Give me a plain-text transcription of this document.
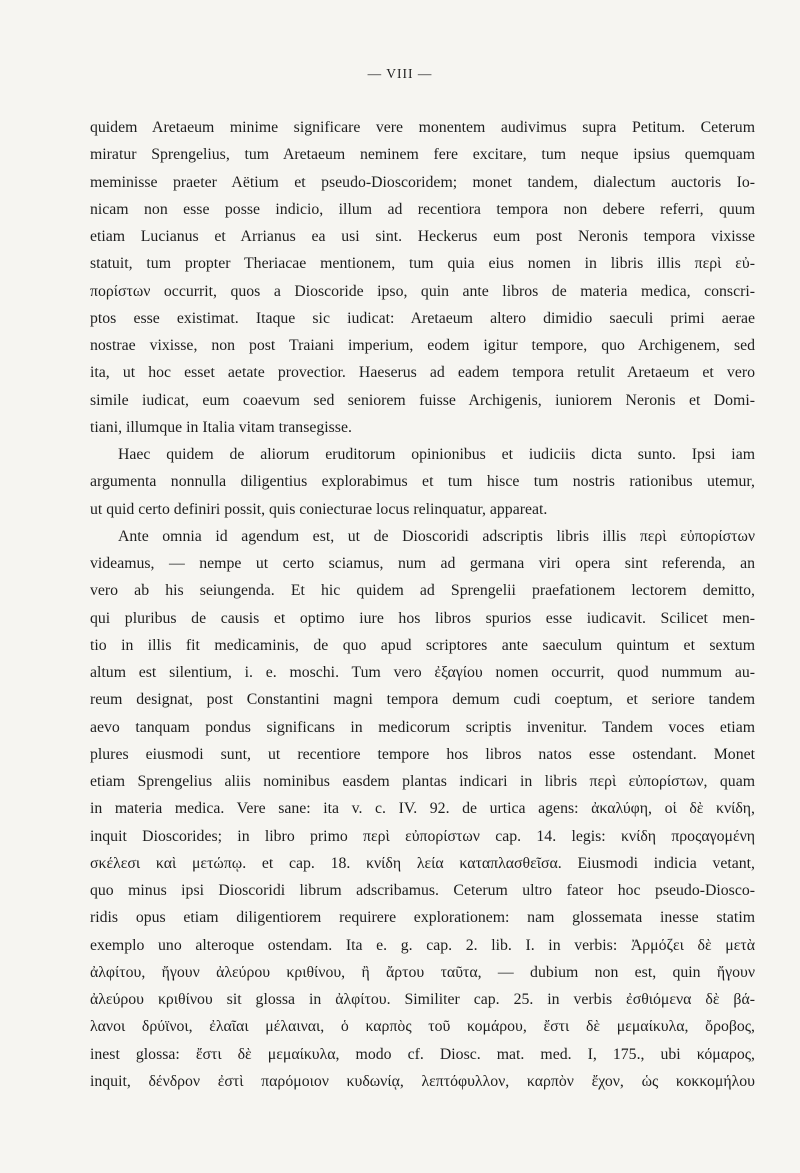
— VIII —
quidem Aretaeum minime significare vere monentem audivimus supra Petitum. Ceterum
miratur Sprengelius, tum Aretaeum neminem fere excitare, tum neque ipsius quemquam
meminisse praeter Aëtium et pseudo-Dioscoridem; monet tandem, dialectum auctoris Io-
nicam non esse posse indicio, illum ad recentiora tempora non debere referri, quum
etiam Lucianus et Arrianus ea usi sint. Heckerus eum post Neronis tempora vixisse
statuit, tum propter Theriacae mentionem, tum quia eius nomen in libris illis περὶ εὐ-
πορίστων occurrit, quos a Dioscoride ipso, quin ante libros de materia medica, conscri-
ptos esse existimat. Itaque sic iudicat: Aretaeum altero dimidio saeculi primi aerae
nostrae vixisse, non post Traiani imperium, eodem igitur tempore, quo Archigenem, sed
ita, ut hoc esset aetate provectior. Haeserus ad eadem tempora retulit Aretaeum et vero
simile iudicat, eum coaevum sed seniorem fuisse Archigenis, iuniorem Neronis et Domi-
tiani, illumque in Italia vitam transegisse.
Haec quidem de aliorum eruditorum opinionibus et iudiciis dicta sunto. Ipsi iam
argumenta nonnulla diligentius explorabimus et tum hisce tum nostris rationibus utemur,
ut quid certo definiri possit, quis coniecturae locus relinquatur, appareat.
Ante omnia id agendum est, ut de Dioscoridi adscriptis libris illis περὶ εὐπορίστων
videamus, — nempe ut certo sciamus, num ad germana viri opera sint referenda, an
vero ab his seiungenda. Et hic quidem ad Sprengelii praefationem lectorem demitto,
qui pluribus de causis et optimo iure hos libros spurios esse iudicavit. Scilicet men-
tio in illis fit medicaminis, de quo apud scriptores ante saeculum quintum et sextum
altum est silentium, i. e. moschi. Tum vero ἐξαγίου nomen occurrit, quod nummum au-
reum designat, post Constantini magni tempora demum cudi coeptum, et seriore tandem
aevo tanquam pondus significans in medicorum scriptis invenitur. Tandem voces etiam
plures eiusmodi sunt, ut recentiore tempore hos libros natos esse ostendant. Monet
etiam Sprengelius aliis nominibus easdem plantas indicari in libris περὶ εὐπορίστων, quam
in materia medica. Vere sane: ita v. c. IV. 92. de urtica agens: ἀκαλύφη, οἱ δὲ κνίδη,
inquit Dioscorides; in libro primo περὶ εὐπορίστων cap. 14. legis: κνίδη προςαγομένη
σκέλεσι καὶ μετώπῳ. et cap. 18. κνίδη λεία καταπλασθεῖσα. Eiusmodi indicia vetant,
quo minus ipsi Dioscoridi librum adscribamus. Ceterum ultro fateor hoc pseudo-Diosco-
ridis opus etiam diligentiorem requirere explorationem: nam glossemata inesse statim
exemplo uno alteroque ostendam. Ita e. g. cap. 2. lib. I. in verbis: Ἀρμόζει δὲ μετὰ
ἀλφίτου, ἤγουν ἀλεύρου κριθίνου, ἢ ἄρτου ταῦτα, — dubium non est, quin ἤγουν
ἀλεύρου κριθίνου sit glossa in ἀλφίτου. Similiter cap. 25. in verbis ἐσθιόμενα δὲ βά-
λανοι δρύϊνοι, ἐλαῖαι μέλαιναι, ὁ καρπὸς τοῦ κομάρου, ἔστι δὲ μεμαίκυλα, ὄροβος,
inest glossa: ἔστι δὲ μεμαίκυλα, modo cf. Diosc. mat. med. I, 175., ubi κόμαρος,
inquit, δένδρον ἐστὶ παρόμοιον κυδωνίᾳ, λεπτόφυλλον, καρπὸν ἔχον, ὡς κοκκομήλου
